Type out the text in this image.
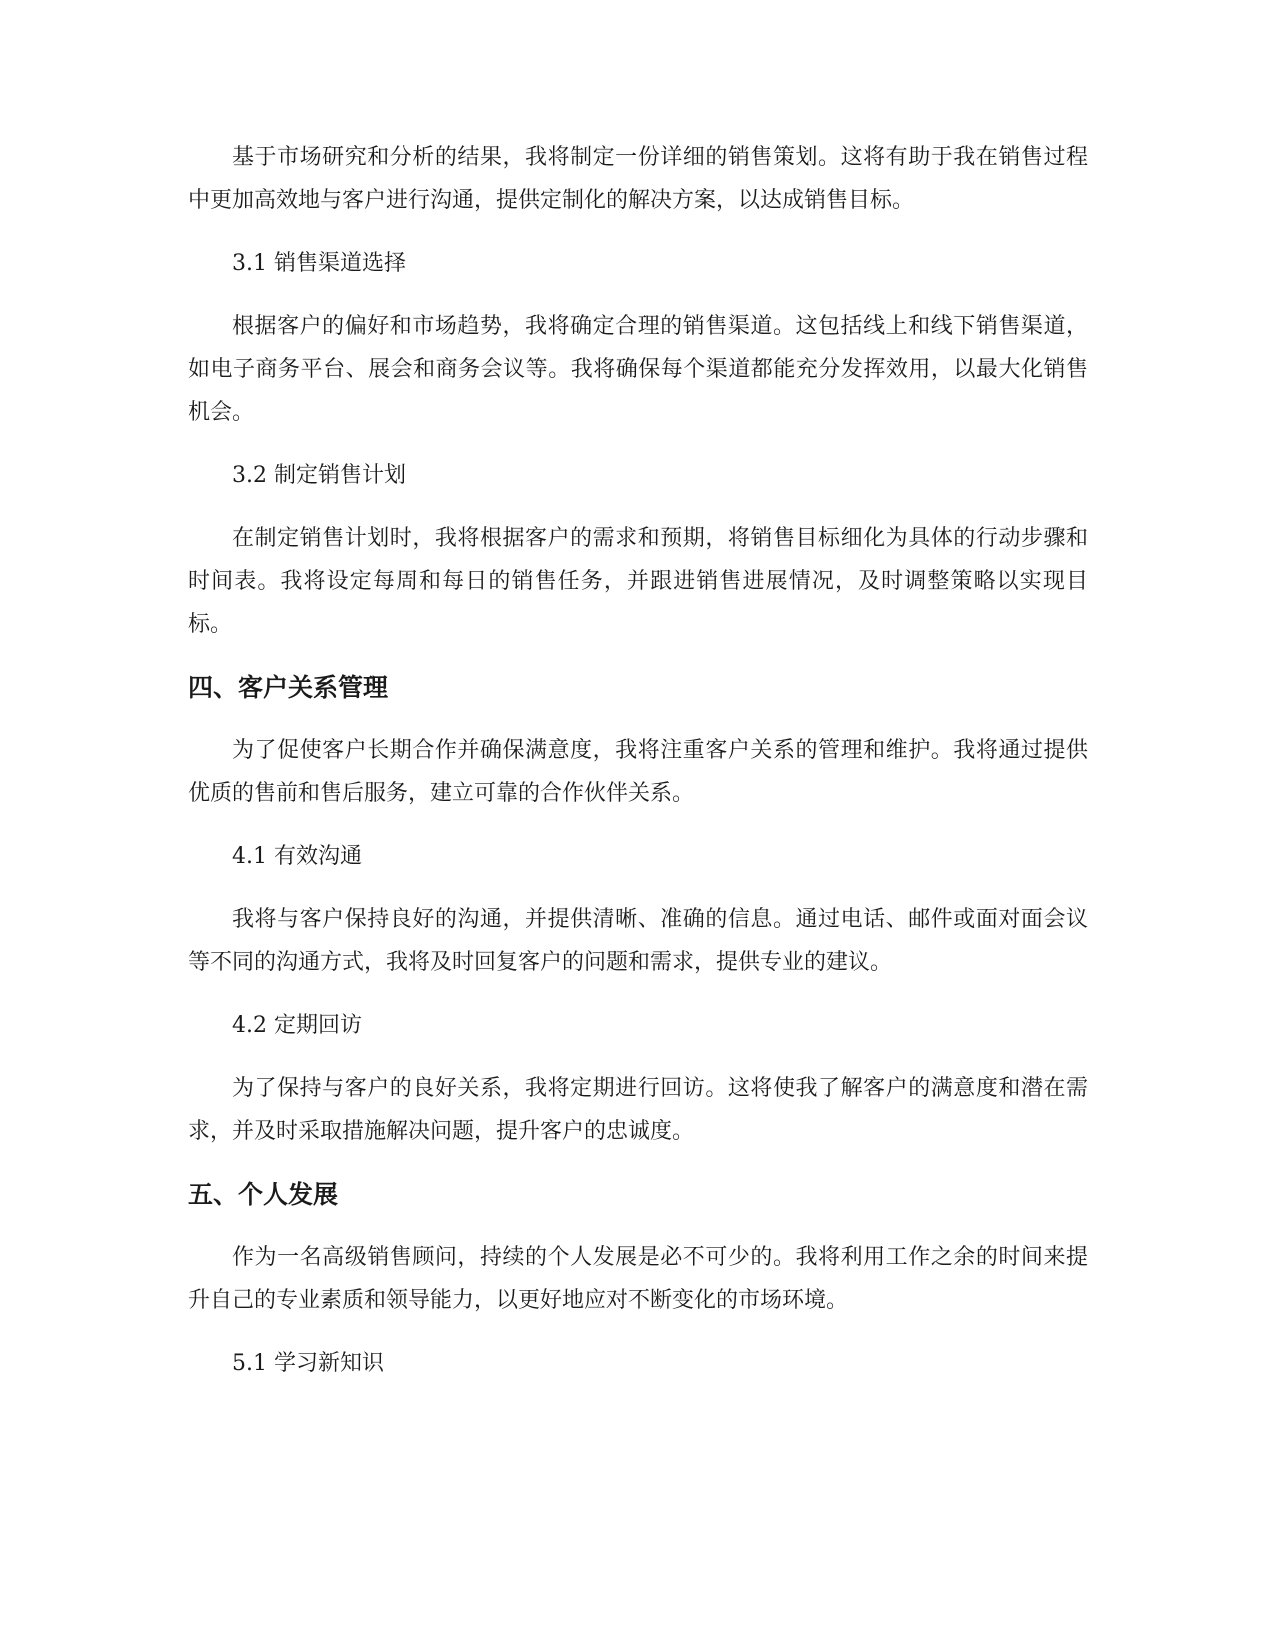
基于市场研究和分析的结果，我将制定一份详细的销售策划。这将有助于我在销售过程中更加高效地与客户进行沟通，提供定制化的解决方案，以达成销售目标。

3.1 销售渠道选择

根据客户的偏好和市场趋势，我将确定合理的销售渠道。这包括线上和线下销售渠道，如电子商务平台、展会和商务会议等。我将确保每个渠道都能充分发挥效用，以最大化销售机会。

3.2 制定销售计划

在制定销售计划时，我将根据客户的需求和预期，将销售目标细化为具体的行动步骤和时间表。我将设定每周和每日的销售任务，并跟进销售进展情况，及时调整策略以实现目标。

四、客户关系管理

为了促使客户长期合作并确保满意度，我将注重客户关系的管理和维护。我将通过提供优质的售前和售后服务，建立可靠的合作伙伴关系。

4.1 有效沟通

我将与客户保持良好的沟通，并提供清晰、准确的信息。通过电话、邮件或面对面会议等不同的沟通方式，我将及时回复客户的问题和需求，提供专业的建议。

4.2 定期回访

为了保持与客户的良好关系，我将定期进行回访。这将使我了解客户的满意度和潜在需求，并及时采取措施解决问题，提升客户的忠诚度。

五、个人发展

作为一名高级销售顾问，持续的个人发展是必不可少的。我将利用工作之余的时间来提升自己的专业素质和领导能力，以更好地应对不断变化的市场环境。

5.1 学习新知识
